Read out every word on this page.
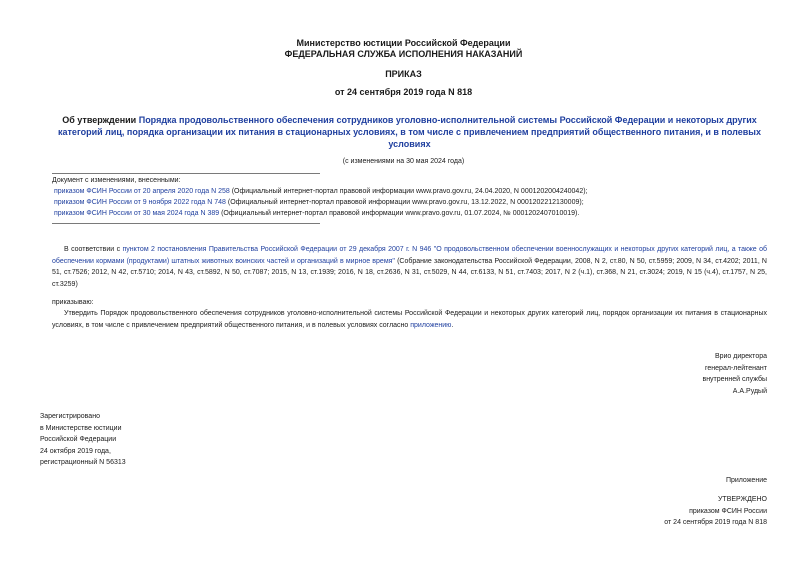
Министерство юстиции Российской Федерации
ФЕДЕРАЛЬНАЯ СЛУЖБА ИСПОЛНЕНИЯ НАКАЗАНИЙ
ПРИКАЗ
от 24 сентября 2019 года N 818
Об утверждении Порядка продовольственного обеспечения сотрудников уголовно-исполнительной системы Российской Федерации и некоторых других категорий лиц, порядка организации их питания в стационарных условиях, в том числе с привлечением предприятий общественного питания, и в полевых условиях
(с изменениями на 30 мая 2024 года)
Документ с изменениями, внесенными:
приказом ФСИН России от 20 апреля 2020 года N 258 (Официальный интернет-портал правовой информации www.pravo.gov.ru, 24.04.2020, N 0001202004240042);
приказом ФСИН России от 9 ноября 2022 года N 748 (Официальный интернет-портал правовой информации www.pravo.gov.ru, 13.12.2022, N 0001202212130009);
приказом ФСИН России от 30 мая 2024 года N 389 (Официальный интернет-портал правовой информации www.pravo.gov.ru, 01.07.2024, № 0001202407010019).
В соответствии с пунктом 2 постановления Правительства Российской Федерации от 29 декабря 2007 г. N 946 "О продовольственном обеспечении военнослужащих и некоторых других категорий лиц, а также об обеспечении кормами (продуктами) штатных животных воинских частей и организаций в мирное время" (Собрание законодательства Российской Федерации, 2008, N 2, ст.80, N 50, ст.5959; 2009, N 34, ст.4202; 2011, N 51, ст.7526; 2012, N 42, ст.5710; 2014, N 43, ст.5892, N 50, ст.7087; 2015, N 13, ст.1939; 2016, N 18, ст.2636, N 31, ст.5029, N 44, ст.6133, N 51, ст.7403; 2017, N 2 (ч.1), ст.368, N 21, ст.3024; 2019, N 15 (ч.4), ст.1757, N 25, ст.3259)
приказываю:
Утвердить Порядок продовольственного обеспечения сотрудников уголовно-исполнительной системы Российской Федерации и некоторых других категорий лиц, порядок организации их питания в стационарных условиях, в том числе с привлечением предприятий общественного питания, и в полевых условиях согласно приложению.
Врио директора
генерал-лейтенант
внутренней службы
А.А.Рудый
Зарегистрировано
в Министерстве юстиции
Российской Федерации
24 октября 2019 года,
регистрационный N 56313
Приложение
УТВЕРЖДЕНО
приказом ФСИН России
от 24 сентября 2019 года N 818
